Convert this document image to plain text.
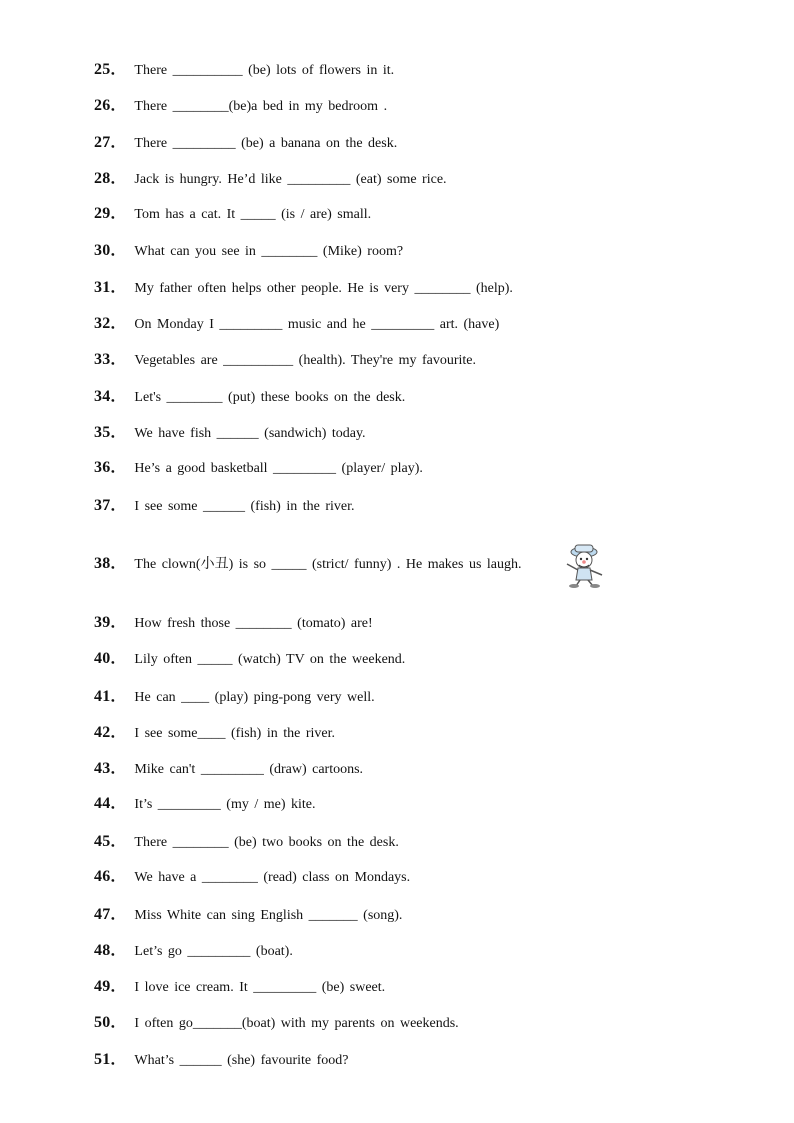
25 ． There __________ (be) lots of flowers in it.
26 ． There ________(be)a bed in my bedroom .
27 ． There _________ (be) a banana on the desk.
28 ． Jack is hungry. He’d like _________ (eat) some rice.
29 ． Tom has a cat. It _____ (is / are) small.
30 ． What can you see in ________ (Mike) room?
31 ． My father often helps other people. He is very ________ (help).
32 ． On Monday I _________ music and he _________ art. (have)
33 ． Vegetables are __________ (health). They're my favourite.
34 ． Let's ________ (put) these books on the desk.
35 ． We have fish ______ (sandwich) today.
36 ． He’s a good basketball _________ (player/ play).
37 ． I see some ______ (fish) in the river.
38 ． The clown(小丑) is so _____ (strict/ funny) . He makes us laugh.
39 ． How fresh those ________ (tomato) are!
40 ． Lily often _____ (watch) TV on the weekend.
41 ． He can ____ (play) ping-pong very well.
42 ． I see some____ (fish) in the river.
43 ． Mike can't _________ (draw) cartoons.
44 ． It’s _________ (my / me) kite.
45 ． There ________ (be) two books on the desk.
46 ． We have a ________ (read) class on Mondays.
47 ． Miss White can sing English _______ (song).
48 ． Let’s go _________ (boat).
49 ． I love ice cream. It _________ (be) sweet.
50 ． I often go_______(boat) with my parents on weekends.
51 ． What’s ______ (she) favourite food?
